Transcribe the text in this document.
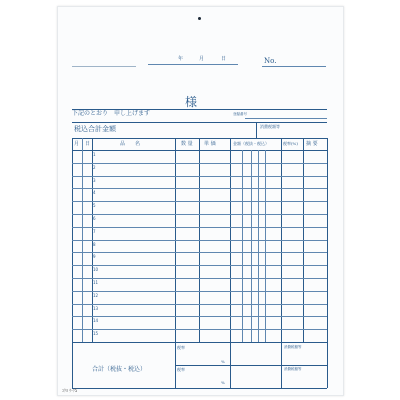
年	月	日	No.
様
下記のとおり　申し上げます	登録番号
税込合計金額	消費税額等
月 日	品　　名	数 量 単 価	金額（税抜・税込）	税率(%) 摘 要
1
2
3
4
5
6
7
8
9
10
11
12
13
14
15
合計（税抜・税込）
税率
%
税率
%
消費税額等
消費税額等
ｺｸﾖ ｳ-ｸ5
